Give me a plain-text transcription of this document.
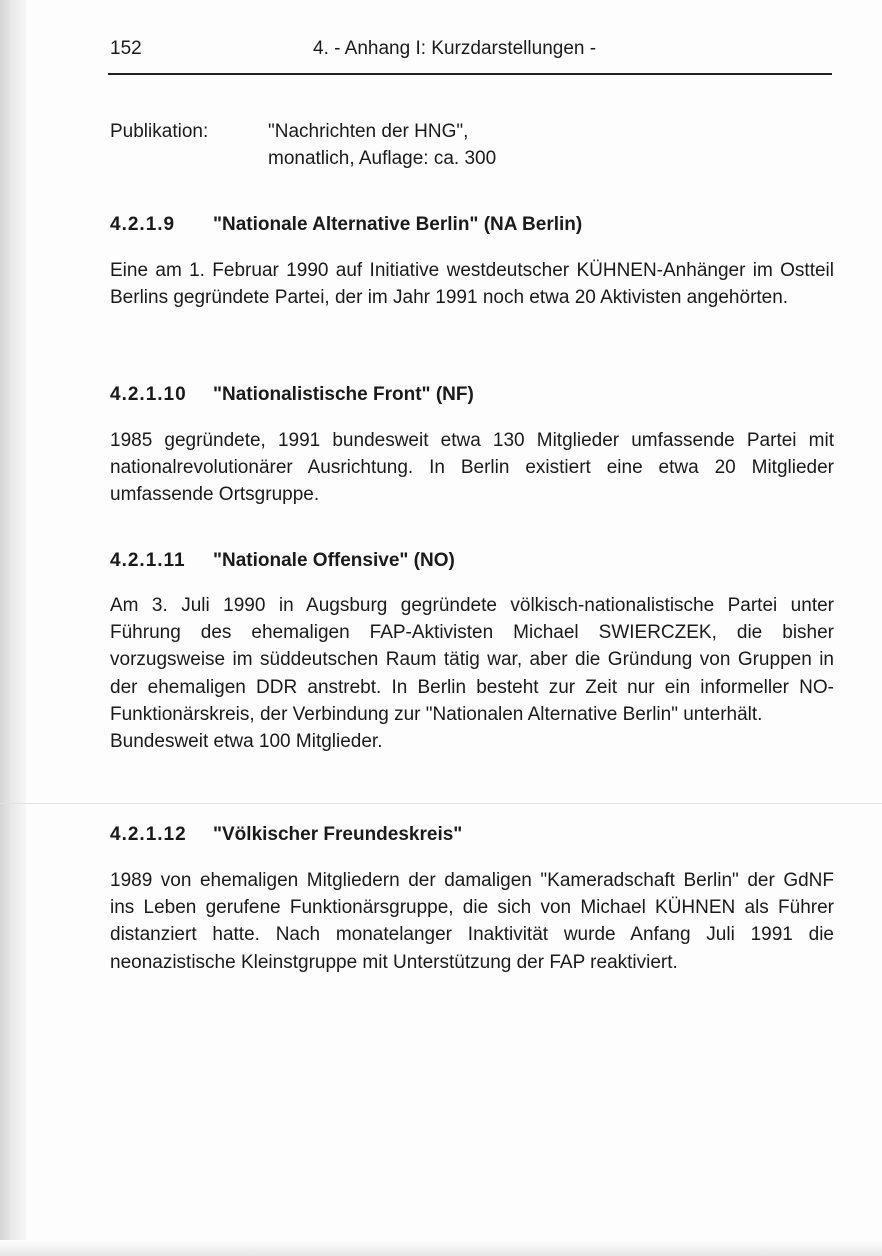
152	4. - Anhang I: Kurzdarstellungen -
Publikation:	"Nachrichten der HNG",
monatlich, Auflage: ca. 300
4.2.1.9 "Nationale Alternative Berlin" (NA Berlin)

Eine am 1. Februar 1990 auf Initiative westdeutscher KÜHNEN-Anhänger im Ostteil Berlins gegründete Partei, der im Jahr 1991 noch etwa 20 Aktivisten angehörten.

4.2.1.10 "Nationalistische Front" (NF)

1985 gegründete, 1991 bundesweit etwa 130 Mitglieder umfassende Partei mit nationalrevolutionärer Ausrichtung. In Berlin existiert eine etwa 20 Mitglieder umfassende Ortsgruppe.

4.2.1.11 "Nationale Offensive" (NO)

Am 3. Juli 1990 in Augsburg gegründete völkisch-nationalistische Partei unter Führung des ehemaligen FAP-Aktivisten Michael SWIERCZEK, die bisher vorzugsweise im süddeutschen Raum tätig war, aber die Gründung von Gruppen in der ehemaligen DDR anstrebt. In Berlin besteht zur Zeit nur ein informeller NO-Funktionärskreis, der Verbindung zur "Nationalen Alternative Berlin" unterhält.

Bundesweit etwa 100 Mitglieder.

4.2.1.12 "Völkischer Freundeskreis"

1989 von ehemaligen Mitgliedern der damaligen "Kameradschaft Berlin" der GdNF ins Leben gerufene Funktionärsgruppe, die sich von Michael KÜHNEN als Führer distanziert hatte. Nach monatelanger Inaktivität wurde Anfang Juli 1991 die neonazistische Kleinstgruppe mit Unterstützung der FAP reaktiviert.
